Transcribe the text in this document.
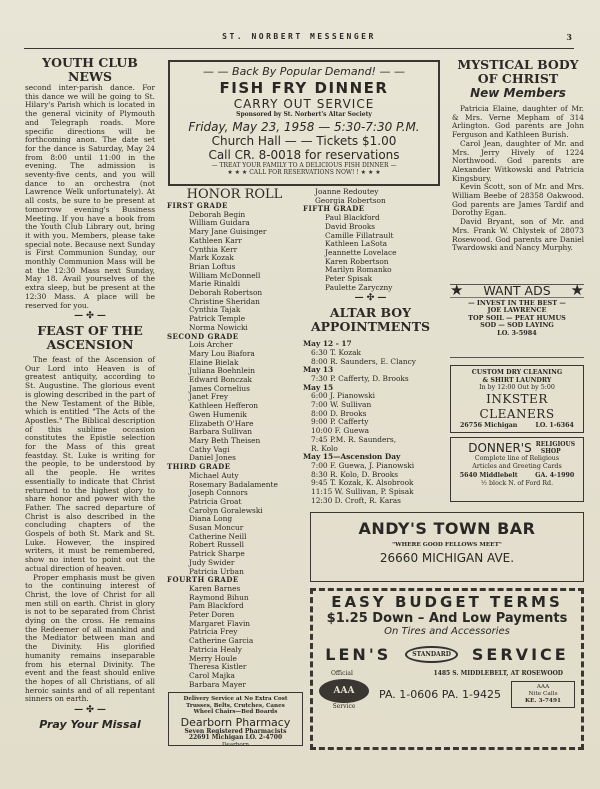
ST. NORBERT MESSENGER	3
YOUTH CLUB NEWS

second inter-parish dance. For this dance we will be going to St. Hilary's Parish which is located in the general vicinity of Plymouth and Telegraph roads. More specific directions will be forthcoming anon. The date set for the dance is Saturday, May 24 from 8:00 until 11:00 in the evening. The admission is seventy-five cents, and you will dance to an orchestra (not Lawrence Welk unfortunately). At all costs, be sure to be present at tomorrow evening's Business Meeting. If you have a book from the Youth Club Library out, bring it with you. Members, please take special note. Because next Sunday is First Communion Sunday, our monthly Communion Mass will be at the 12:30 Mass next Sunday, May 18. Avail yourselves of the extra sleep, but be present at the 12:30 Mass. A place will be reserved for you.

— ✣ —
FEAST OF THE ASCENSION

The feast of the Ascension of Our Lord into Heaven is of greatest antiquity, according to St. Augustine. The glorious event is glowing described in the part of the New Testament of the Bible, which is entitled "The Acts of the Apostles." The Biblical description of this sublime occasion constitutes the Epistle selection for the Mass of this great feastday. St. Luke is writing for the people, to be understood by all the people. He writes essentially to indicate that Christ returned to the highest glory to share honor and power with the Father. The sacred departure of Christ is also described in the concluding chapters of the Gospels of both St. Mark and St. Luke. However, the inspired writers, it must be remembered, show no intent to point out the actual direction of heaven.

Proper emphasis must be given to the continuing interest of Christ, the love of Christ for all men still on earth. Christ in glory is not to be separated from Christ dying on the cross. He remains the Redeemer of all mankind and the Mediator between man and the Divinity. His glorified humanity remains inseparable from his eternal Divinity. The event and the feast should enlive the hopes of all Christians, of all heroic saints and of all repentant sinners on earth.

— ✣ —
Pray Your Missal
— — Back By Popular Demand! — —
FISH FRY DINNER
CARRY OUT SERVICE
Sponsored by St. Norbert's Altar Society
Friday, May 23, 1958 — 5:30-7:30 P.M.
Church Hall — — Tickets $1.00
Call CR. 8-0018 for reservations
— TREAT YOUR FAMILY TO A DELICIOUS FISH DINNER —
★ ★ ★ CALL FOR RESERVATIONS NOW! ! ★ ★ ★
HONOR ROLL
FIRST GRADE
Deborah Begin
William Guidara
Mary Jane Guisinger
Kathleen Karr
Cynthia Kerr
Mark Kozak
Brian Loftus
William McDonnell
Marie Rinaldi
Deborah Robertson
Christine Sheridan
Cynthia Tajak
Patrick Temple
Norma Nowicki
SECOND GRADE
Lois Archer
Mary Lou Biafora
Elaine Bielak
Juliana Boehnlein
Edward Bonczak
James Cornelius
Janet Frey
Kathleen Hefferon
Gwen Humenik
Elizabeth O'Hare
Barbara Sullivan
Mary Beth Theisen
Cathy Vagi
Daniel Jones
THIRD GRADE
Michael Auty
Rosemary Badalamente
Joseph Connors
Patricia Groat
Carolyn Goralewski
Diana Long
Susan Moncur
Catherine Neill
Robert Russell
Patrick Sharpe
Judy Swider
Patricia Urban
FOURTH GRADE
Karen Barnes
Raymond Bihun
Pam Blackford
Peter Doren
Margaret Flavin
Patricia Frey
Catherine Garcia
Patricia Healy
Merry Houle
Theresa Kistler
Carol Majka
Barbara Mayer
Joanne Redoutey
Georgia Robertson
FIFTH GRADE
Paul Blackford
David Brooks
Camille Fillatrault
Kathleen LaSota
Jeannette Lovelace
Karen Robertson
Marilyn Romanko
Peter Spisak
Paulette Zaryczny
— ✣ —
ALTAR BOY APPOINTMENTS
May 12 - 17
6:30 T. Kozak
8:00 R. Saunders, E. Clancy
May 13
7:30 P. Cafferty, D. Brooks
May 15
6:00 J. Pianowski
7:00 W. Sullivan
8:00 D. Brooks
9:00 P. Cafferty
10:00 F. Guewa
7:45 P.M. R. Saunders,
R. Kolo
May 15—Ascension Day
7:00 F. Guewa, J. Pianowski
8:30 R. Kolo, D. Brooks
9:45 T. Kozak, K. Alsobrook
11:15 W. Sullivan, P. Spisak
12:30 D. Croft, R. Karas
Delivery Service at No Extra Cost
Trusses, Belts, Crutches, Canes
Wheel Chairs—Bed Boards
Dearborn Pharmacy
Seven Registered Pharmacists
22691 Michigan LO. 2-4700
Dearborn
MYSTICAL BODY OF CHRIST
New Members

Patricia Elaine, daughter of Mr. & Mrs. Verne Mepham of 314 Arlington. God parents are John Ferguson and Kathleen Burish.

Carol Jean, daughter of Mr. and Mrs. Jerry Hively of 1224 Northwood. God parents are Alexander Witkowski and Patricia Kingsbury.

Kevin Scott, son of Mr. and Mrs. William Beebe of 28358 Oakwood. God parents are James Tardif and Dorothy Egan.

David Bryant, son of Mr. and Mrs. Frank W. Chlystek of 28073 Rosewood. God parents are Daniel Twardowski and Nancy Murphy.

★ WANT ADS ★
— INVEST IN THE BEST —
JOE LAWRENCE
TOP SOIL — PEAT HUMUS
SOD — SOD LAYING
LO. 3-5984
CUSTOM DRY CLEANING
& SHIRT LAUNDRY
In by 12:00 Out by 5:00
INKSTER CLEANERS
26756 Michigan	LO. 1-6364
DONNER'S RELIGIOUS SHOP
Complete line of Religious
Articles and Greeting Cards
5640 Middlebelt	GA. 4-1990
½ block N. of Ford Rd.
ANDY'S TOWN BAR
"WHERE GOOD FELLOWS MEET"
26660 MICHIGAN AVE.
EASY BUDGET TERMS
$1.25 Down – And Low Payments
On Tires and Accessories
LEN'S	STANDARD	SERVICE
Official	1485 S. MIDDLEBELT, AT ROSEWOOD
AAA
Service
PA. 1-0606 PA. 1-9425
AAA
Nite Calls
KE. 3-7491
